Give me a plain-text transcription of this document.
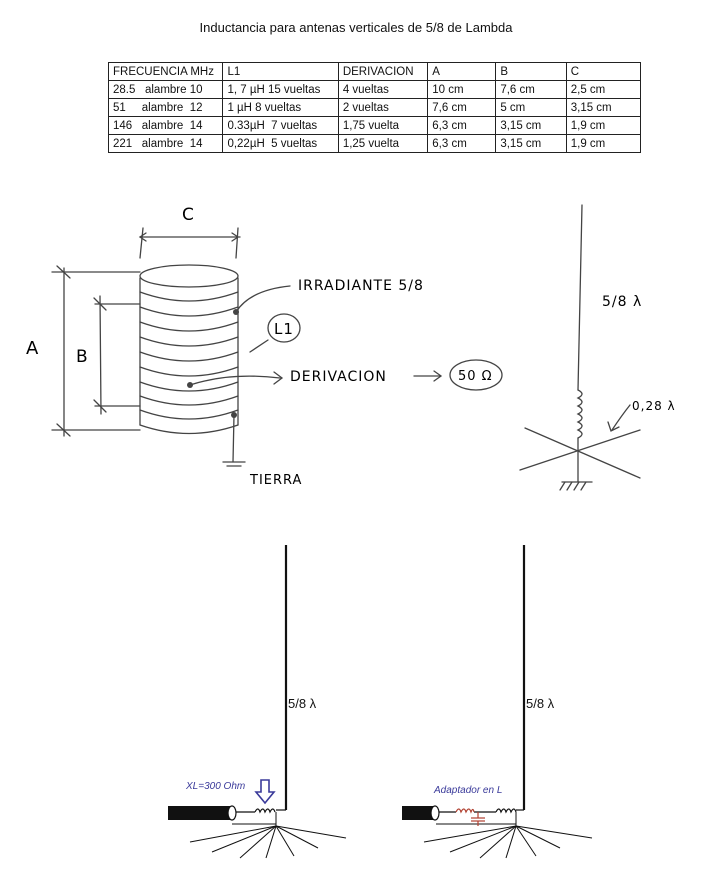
Inductancia para antenas verticales de 5/8 de Lambda
FRECUENCIA MHz	L1	DERIVACION	A	B	C
28.5   alambre 10	1, 7 µH 15 vueltas	4 vueltas	10 cm	7,6 cm	2,5 cm
51     alambre  12	1 µH 8 vueltas	2 vueltas	7,6 cm	5 cm	3,15 cm
146   alambre  14	0.33µH  7 vueltas	1,75 vuelta	6,3 cm	3,15 cm	1,9 cm
221   alambre  14	0,22µH  5 vueltas	1,25 vuelta	6,3 cm	3,15 cm	1,9 cm
C
A B
L1
IRRADIANTE 5/8
DERIVACION	50 Ω
TIERRA
5/8 λ
0,28 λ
XL=300 Ohm
5/8 λ
Adaptador en L
5/8 λ
